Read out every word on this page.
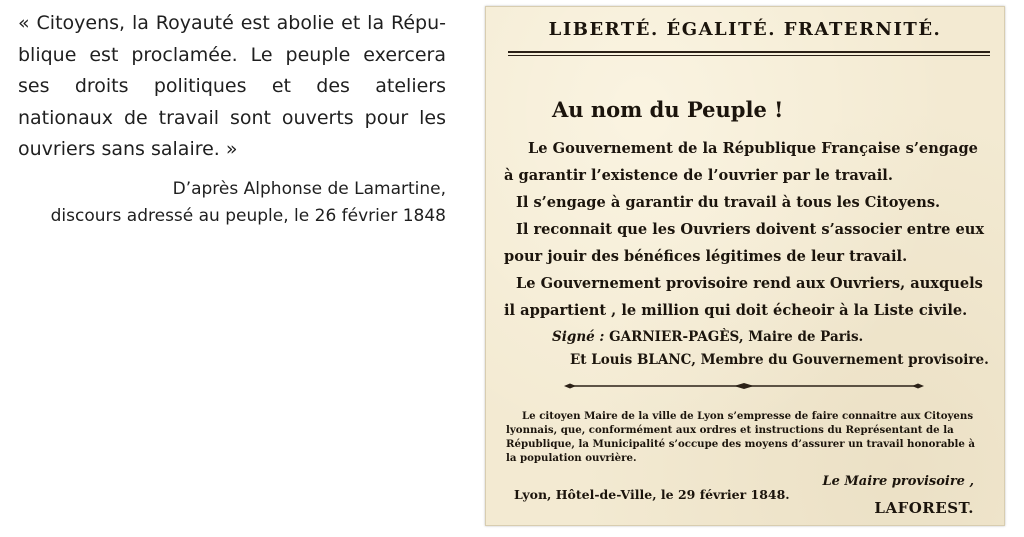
« Citoyens, la Royauté est abolie et la Répu- blique est proclamée. Le peuple exercera ses droits politiques et des ateliers nationaux de travail sont ouverts pour les ouvriers sans salaire. »

D’après Alphonse de Lamartine,
discours adressé au peuple, le 26 février 1848
LIBERTÉ. ÉGALITÉ. FRATERNITÉ.
Au nom du Peuple !
Le Gouvernement de la République Française s’engage
à garantir l’existence de l’ouvrier par le travail.
Il s’engage à garantir du travail à tous les Citoyens.
Il reconnait que les Ouvriers doivent s’associer entre eux
pour jouir des bénéfices légitimes de leur travail.
Le Gouvernement provisoire rend aux Ouvriers, auxquels
il appartient , le million qui doit écheoir à la Liste civile.
Signé : GARNIER-PAGÈS, Maire de Paris.
Et Louis BLANC, Membre du Gouvernement provisoire.
Le citoyen Maire de la ville de Lyon s’empresse de faire connaitre aux Citoyens
lyonnais, que, conformément aux ordres et instructions du Représentant de la
République, la Municipalité s’occupe des moyens d’assurer un travail honorable à
la population ouvrière.
Lyon, Hôtel-de-Ville, le 29 février 1848.
Le Maire provisoire ,
LAFOREST.
